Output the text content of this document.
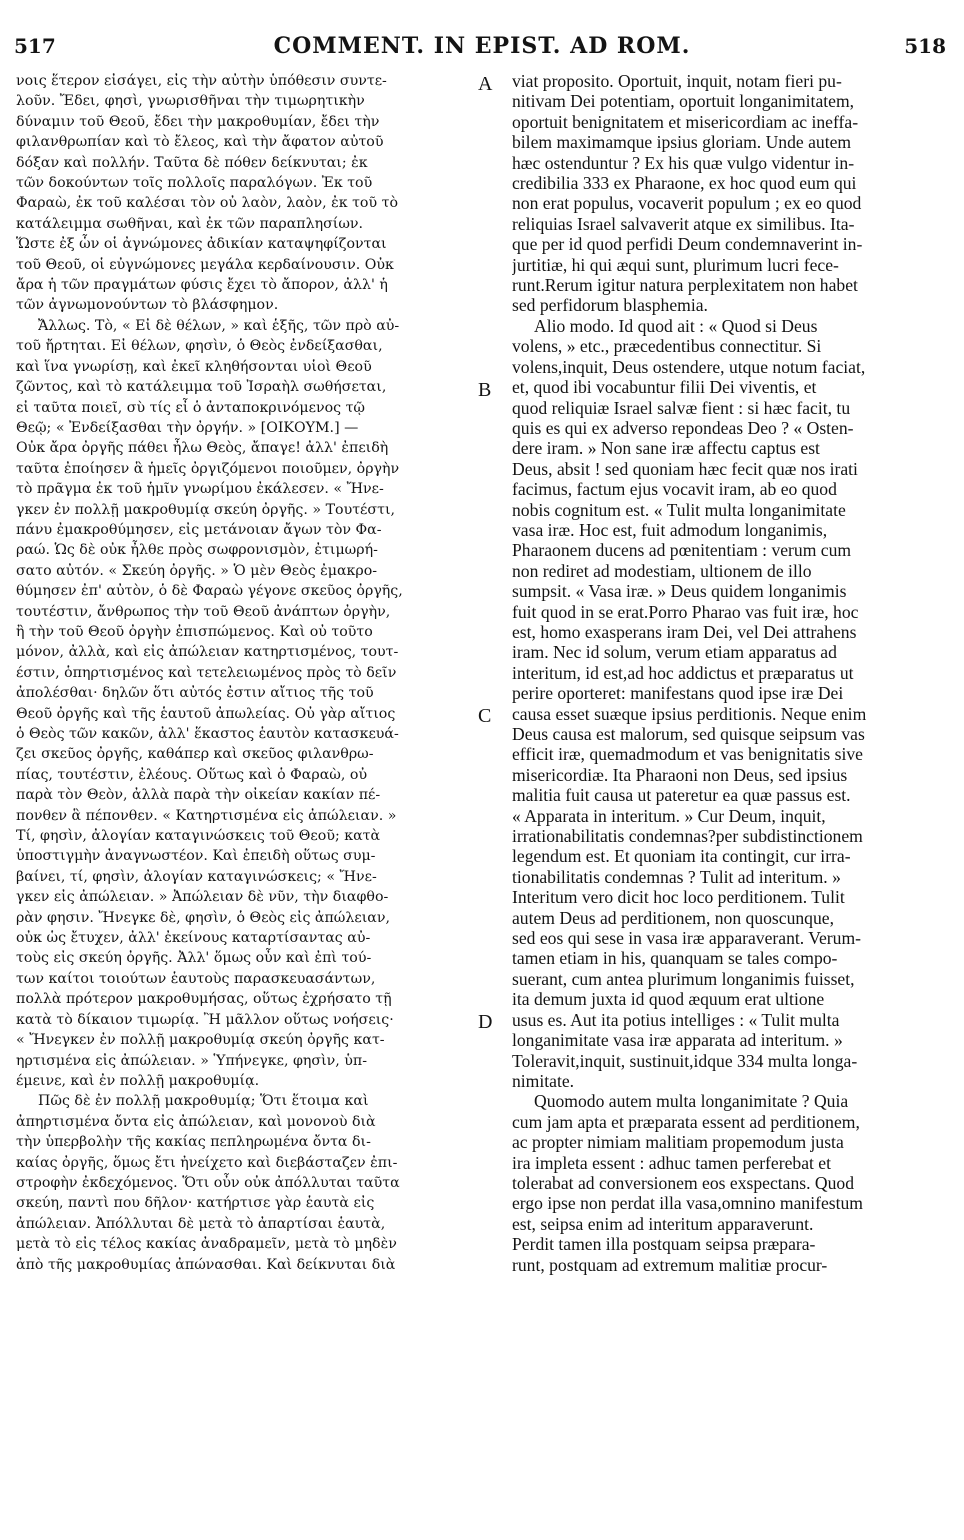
517	COMMENT. IN EPIST. AD ROM.	518
νοις ἕτερον εἰσάγει, εἰς τὴν αὐτὴν ὑπόθεσιν συντε-
λοῦν. Ἔδει, φησὶ, γνωρισθῆναι τὴν τιμωρητικὴν
δύναμιν τοῦ Θεοῦ, ἔδει τὴν μακροθυμίαν, ἔδει τὴν
φιλανθρωπίαν καὶ τὸ ἔλεος, καὶ τὴν ἄφατον αὐτοῦ
δόξαν καὶ πολλήν. Ταῦτα δὲ πόθεν δείκνυται; ἐκ
τῶν δοκούντων τοῖς πολλοῖς παραλόγων. Ἐκ τοῦ
Φαραὼ, ἐκ τοῦ καλέσαι τὸν οὐ λαὸν, λαὸν, ἐκ τοῦ τὸ
κατάλειμμα σωθῆναι, καὶ ἐκ τῶν παραπλησίων.
Ὥστε ἐξ ὧν οἱ ἀγνώμονες ἀδικίαν καταψηφίζονται
τοῦ Θεοῦ, οἱ εὐγνώμονες μεγάλα κερδαίνουσιν. Οὐκ
ἄρα ἡ τῶν πραγμάτων φύσις ἔχει τὸ ἄπορον, ἀλλ' ἡ
τῶν ἀγνωμονούντων τὸ βλάσφημον.
Ἄλλως. Τὸ, « Εἰ δὲ θέλων, » καὶ ἑξῆς, τῶν πρὸ αὐ-
τοῦ ἤρτηται. Εἰ θέλων, φησὶν, ὁ Θεὸς ἐνδείξασθαι,
καὶ ἵνα γνωρίσῃ, καὶ ἐκεῖ κληθήσονται υἱοὶ Θεοῦ
ζῶντος, καὶ τὸ κατάλειμμα τοῦ Ἰσραὴλ σωθήσεται,
εἰ ταῦτα ποιεῖ, σὺ τίς εἶ ὁ ἀνταποκρινόμενος τῷ
Θεῷ; « Ἐνδείξασθαι τὴν ὀργήν. » [ΟΙΚΟΥΜ.] —
Οὐκ ἄρα ὀργῆς πάθει ἦλω Θεὸς, ἄπαγε! ἀλλ' ἐπειδὴ
ταῦτα ἐποίησεν ἃ ἡμεῖς ὀργιζόμενοι ποιοῦμεν, ὀργὴν
τὸ πρᾶγμα ἐκ τοῦ ἡμῖν γνωρίμου ἐκάλεσεν. « Ἤνε-
γκεν ἐν πολλῇ μακροθυμίᾳ σκεύη ὀργῆς. » Τουτέστι,
πάνυ ἐμακροθύμησεν, εἰς μετάνοιαν ἄγων τὸν Φα-
ραώ. Ὡς δὲ οὐκ ἦλθε πρὸς σωφρονισμὸν, ἐτιμωρή-
σατο αὐτόν. « Σκεύη ὀργῆς. » Ὁ μὲν Θεὸς ἐμακρο-
θύμησεν ἐπ' αὐτὸν, ὁ δὲ Φαραὼ γέγονε σκεῦος ὀργῆς,
τουτέστιν, ἄνθρωπος τὴν τοῦ Θεοῦ ἀνάπτων ὀργὴν,
ἢ τὴν τοῦ Θεοῦ ὀργὴν ἐπισπώμενος. Καὶ οὐ τοῦτο
μόνον, ἀλλὰ, καὶ εἰς ἀπώλειαν κατηρτισμένος, τουτ-
έστιν, ὁπηρτισμένος καὶ τετελειωμένος πρὸς τὸ δεῖν
ἀπολέσθαι· δηλῶν ὅτι αὐτός ἐστιν αἴτιος τῆς τοῦ
Θεοῦ ὀργῆς καὶ τῆς ἑαυτοῦ ἀπωλείας. Οὐ γὰρ αἴτιος
ὁ Θεὸς τῶν κακῶν, ἀλλ' ἕκαστος ἑαυτὸν κατασκευά-
ζει σκεῦος ὀργῆς, καθάπερ καὶ σκεῦος φιλανθρω-
πίας, τουτέστιν, ἐλέους. Οὕτως καὶ ὁ Φαραὼ, οὐ
παρὰ τὸν Θεὸν, ἀλλὰ παρὰ τὴν οἰκείαν κακίαν πέ-
πονθεν ἃ πέπονθεν. « Κατηρτισμένα εἰς ἀπώλειαν. »
Τί, φησὶν, ἀλογίαν καταγινώσκεις τοῦ Θεοῦ; κατὰ
ὑποστιγμὴν ἀναγνωστέον. Καὶ ἐπειδὴ οὕτως συμ-
βαίνει, τί, φησὶν, ἀλογίαν καταγινώσκεις; « Ἤνε-
γκεν εἰς ἀπώλειαν. » Ἀπώλειαν δὲ νῦν, τὴν διαφθο-
ρὰν φησιν. Ἤνεγκε δὲ, φησὶν, ὁ Θεὸς εἰς ἀπώλειαν,
οὐκ ὡς ἔτυχεν, ἀλλ' ἐκείνους καταρτίσαντας αὐ-
τοὺς εἰς σκεύη ὀργῆς. Ἀλλ' ὅμως οὖν καὶ ἐπὶ τού-
των καίτοι τοιούτων ἑαυτοὺς παρασκευασάντων,
πολλὰ πρότερον μακροθυμήσας, οὕτως ἐχρήσατο τῇ
κατὰ τὸ δίκαιον τιμωρίᾳ. Ἢ μᾶλλον οὕτως νοήσεις·
« Ἤνεγκεν ἐν πολλῇ μακροθυμίᾳ σκεύη ὀργῆς κατ-
ηρτισμένα εἰς ἀπώλειαν. » Ὑπήνεγκε, φησὶν, ὑπ-
έμεινε, καὶ ἐν πολλῇ μακροθυμίᾳ.
Πῶς δὲ ἐν πολλῇ μακροθυμίᾳ; Ὅτι ἕτοιμα καὶ
ἀπηρτισμένα ὄντα εἰς ἀπώλειαν, καὶ μονονοὺ διὰ
τὴν ὑπερβολὴν τῆς κακίας πεπληρωμένα ὄντα δι-
καίας ὀργῆς, ὅμως ἔτι ἠνείχετο καὶ διεβάσταζεν ἐπι-
στροφὴν ἐκδεχόμενος. Ὅτι οὖν οὐκ ἀπόλλυται ταῦτα
σκεύη, παντὶ που δῆλον· κατήρτισε γὰρ ἑαυτὰ εἰς
ἀπώλειαν. Ἀπόλλυται δὲ μετὰ τὸ ἀπαρτίσαι ἑαυτὰ,
μετὰ τὸ εἰς τέλος κακίας ἀναδραμεῖν, μετὰ τὸ μηδὲν
ἀπὸ τῆς μακροθυμίας ἀπώνασθαι. Καὶ δείκνυται διὰ
A
B
C
D
viat proposito. Oportuit, inquit, notam fieri pu-
nitivam Dei potentiam, oportuit longanimitatem,
oportuit benignitatem et misericordiam ac ineffa-
bilem maximamque ipsius gloriam. Unde autem
hæc ostenduntur ? Ex his quæ vulgo videntur in-
credibilia 333 ex Pharaone, ex hoc quod eum qui
non erat populus, vocaverit populum ; ex eo quod
reliquias Israel salvaverit atque ex similibus. Ita-
que per id quod perfidi Deum condemnaverint in-
jurtitiæ, hi qui æqui sunt, plurimum lucri fece-
runt.Rerum igitur natura perplexitatem non habet
sed perfidorum blasphemia.
Alio modo. Id quod ait : « Quod si Deus
volens, » etc., præcedentibus connectitur. Si
volens,inquit, Deus ostendere, utque notum faciat,
et, quod ibi vocabuntur filii Dei viventis, et
quod reliquiæ Israel salvæ fient : si hæc facit, tu
quis es qui ex adverso repondeas Deo ? « Osten-
dere iram. » Non sane iræ affectu captus est
Deus, absit ! sed quoniam hæc fecit quæ nos irati
facimus, factum ejus vocavit iram, ab eo quod
nobis cognitum est. « Tulit multa longanimitate
vasa iræ. Hoc est, fuit admodum longanimis,
Pharaonem ducens ad pœnitentiam : verum cum
non rediret ad modestiam, ultionem de illo
sumpsit. « Vasa iræ. » Deus quidem longanimis
fuit quod in se erat.Porro Pharao vas fuit iræ, hoc
est, homo exasperans iram Dei, vel Dei attrahens
iram. Nec id solum, verum etiam apparatus ad
interitum, id est,ad hoc addictus et præparatus ut
perire oporteret: manifestans quod ipse iræ Dei
causa esset suæque ipsius perditionis. Neque enim
Deus causa est malorum, sed quisque seipsum vas
efficit iræ, quemadmodum et vas benignitatis sive
misericordiæ. Ita Pharaoni non Deus, sed ipsius
malitia fuit causa ut pateretur ea quæ passus est.
« Apparata in interitum. » Cur Deum, inquit,
irrationabilitatis condemnas?per subdistinctionem
legendum est. Et quoniam ita contingit, cur irra-
tionabilitatis condemnas ? Tulit ad interitum. »
Interitum vero dicit hoc loco perditionem. Tulit
autem Deus ad perditionem, non quoscunque,
sed eos qui sese in vasa iræ apparaverant. Verum-
tamen etiam in his, quanquam se tales compo-
suerant, cum antea plurimum longanimis fuisset,
ita demum juxta id quod æquum erat ultione
usus es. Aut ita potius intelliges : « Tulit multa
longanimitate vasa iræ apparata ad interitum. »
Toleravit,inquit, sustinuit,idque 334 multa longa-
nimitate.
Quomodo autem multa longanimitate ? Quia
cum jam apta et præparata essent ad perditionem,
ac propter nimiam malitiam propemodum justa
ira impleta essent : adhuc tamen perferebat et
tolerabat ad conversionem eos exspectans. Quod
ergo ipse non perdat illa vasa,omnino manifestum
est, seipsa enim ad interitum apparaverunt.
Perdit tamen illa postquam seipsa præpara-
runt, postquam ad extremum malitiæ procur-
